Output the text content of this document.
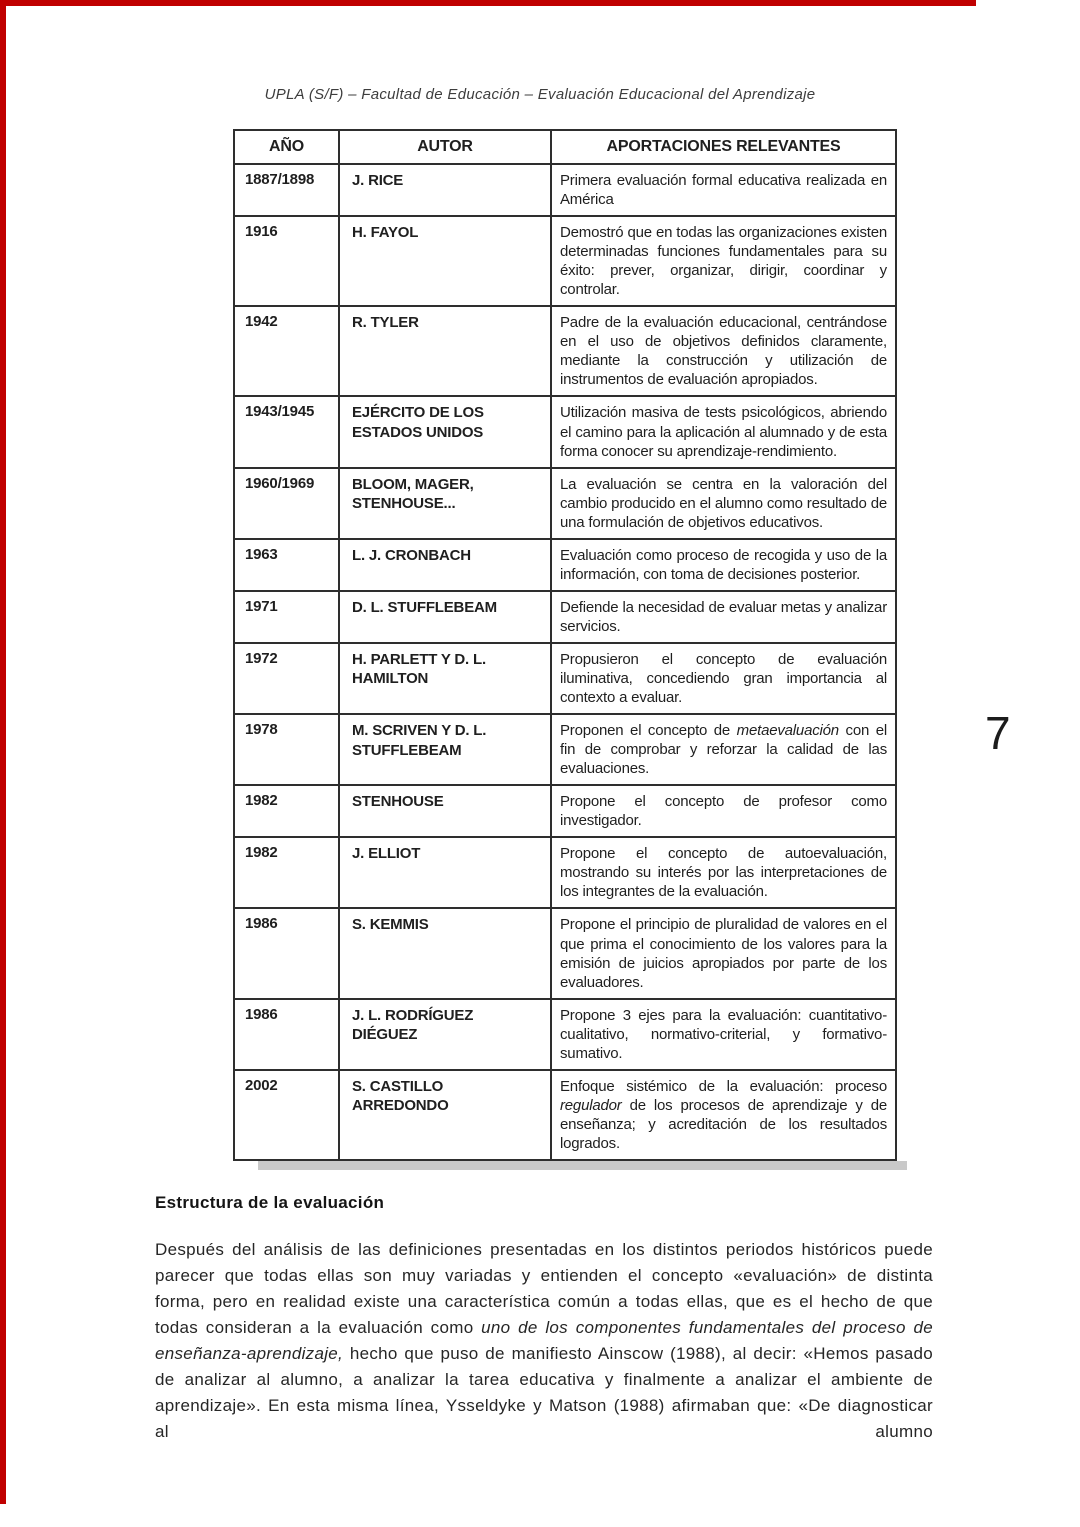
UPLA (S/F) – Facultad de Educación – Evaluación Educacional del Aprendizaje

AÑO	AUTOR	APORTACIONES RELEVANTES
1887/1898	J. RICE	Primera evaluación formal educativa realizada en América
1916	H. FAYOL	Demostró que en todas las organizaciones existen determinadas funciones fundamentales para su éxito: prever, organizar, dirigir, coordinar y controlar.
1942	R. TYLER	Padre de la evaluación educacional, centrándose en el uso de objetivos definidos claramente, mediante la construcción y utilización de instrumentos de evaluación apropiados.
1943/1945	EJÉRCITO DE LOS ESTADOS UNIDOS	Utilización masiva de tests psicológicos, abriendo el camino para la aplicación al alumnado y de esta forma conocer su aprendizaje-rendimiento.
1960/1969	BLOOM, MAGER, STENHOUSE...	La evaluación se centra en la valoración del cambio producido en el alumno como resultado de una formulación de objetivos educativos.
1963	L. J. CRONBACH	Evaluación como proceso de recogida y uso de la información, con toma de decisiones posterior.
1971	D. L. STUFFLEBEAM	Defiende la necesidad de evaluar metas y analizar servicios.
1972	H. PARLETT Y D. L. HAMILTON	Propusieron el concepto de evaluación iluminativa, concediendo gran importancia al contexto a evaluar.
1978	M. SCRIVEN Y D. L. STUFFLEBEAM	Proponen el concepto de metaevaluación con el fin de comprobar y reforzar la calidad de las evaluaciones.
1982	STENHOUSE	Propone el concepto de profesor como investigador.
1982	J. ELLIOT	Propone el concepto de autoevaluación, mostrando su interés por las interpretaciones de los integrantes de la evaluación.
1986	S. KEMMIS	Propone el principio de pluralidad de valores en el que prima el conocimiento de los valores para la emisión de juicios apropiados por parte de los evaluadores.
1986	J. L. RODRÍGUEZ DIÉGUEZ	Propone 3 ejes para la evaluación: cuantitativo-cualitativo, normativo-criterial, y formativo-sumativo.
2002	S. CASTILLO ARREDONDO	Enfoque sistémico de la evaluación: proceso regulador de los procesos de aprendizaje y de enseñanza; y acreditación de los resultados logrados.
7
Estructura de la evaluación

Después del análisis de las definiciones presentadas en los distintos periodos históricos puede parecer que todas ellas son muy variadas y entienden el concepto «evaluación» de distinta forma, pero en realidad existe una característica común a todas ellas, que es el hecho de que todas consideran a la evaluación como uno de los componentes fundamentales del proceso de enseñanza-aprendizaje, hecho que puso de manifiesto Ainscow (1988), al decir: «Hemos pasado de analizar al alumno, a analizar la tarea educativa y finalmente a analizar el ambiente de aprendizaje». En esta misma línea, Ysseldyke y Matson (1988) afirmaban que: «De diagnosticar al alumno
